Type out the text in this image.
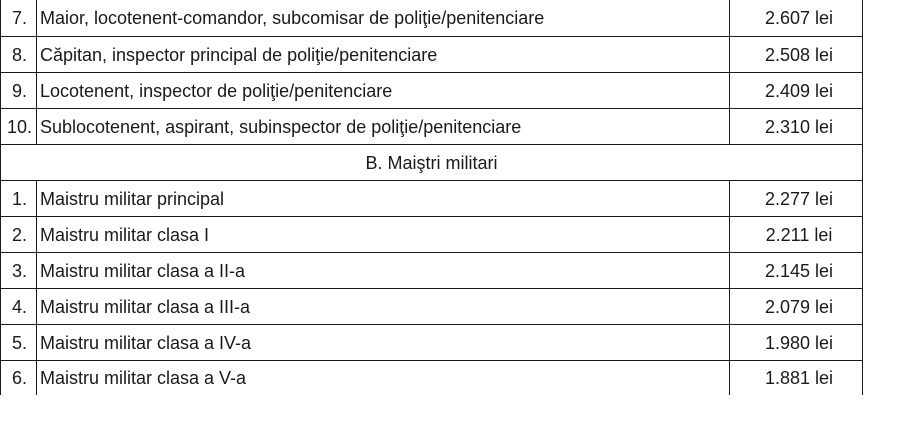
7.	Maior, locotenent-comandor, subcomisar de poliţie/penitenciare	2.607 lei
8.	Căpitan, inspector principal de poliţie/penitenciare	2.508 lei
9.	Locotenent, inspector de poliţie/penitenciare	2.409 lei
10.	Sublocotenent, aspirant, subinspector de poliţie/penitenciare	2.310 lei
B. Maiştri militari		
1.	Maistru militar principal	2.277 lei
2.	Maistru militar clasa I	2.211 lei
3.	Maistru militar clasa a II-a	2.145 lei
4.	Maistru militar clasa a III-a	2.079 lei
5.	Maistru militar clasa a IV-a	1.980 lei
6.	Maistru militar clasa a V-a	1.881 lei
